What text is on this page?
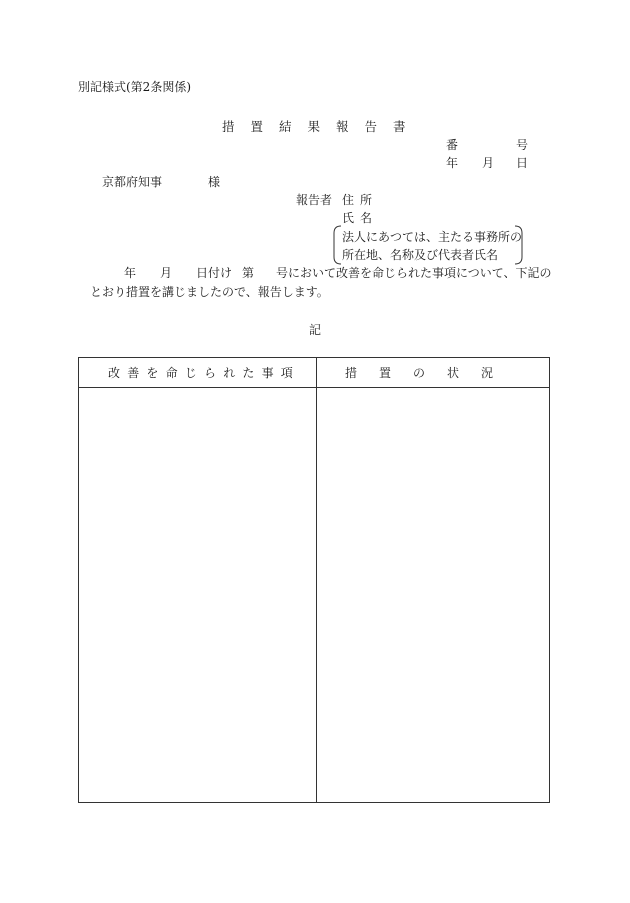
別記様式(第2条関係)
措置結果報告書
番	号
年 月 日
京都府知事	様
報告者 住所
氏名
法人にあつては、主たる事務所の
所在地、名称及び代表者氏名
年 月 日付け 第 号において改善を命じられた事項について、下記の
とおり措置を講じましたので、報告します。
記
改善を命じられた事項	措置の状況
